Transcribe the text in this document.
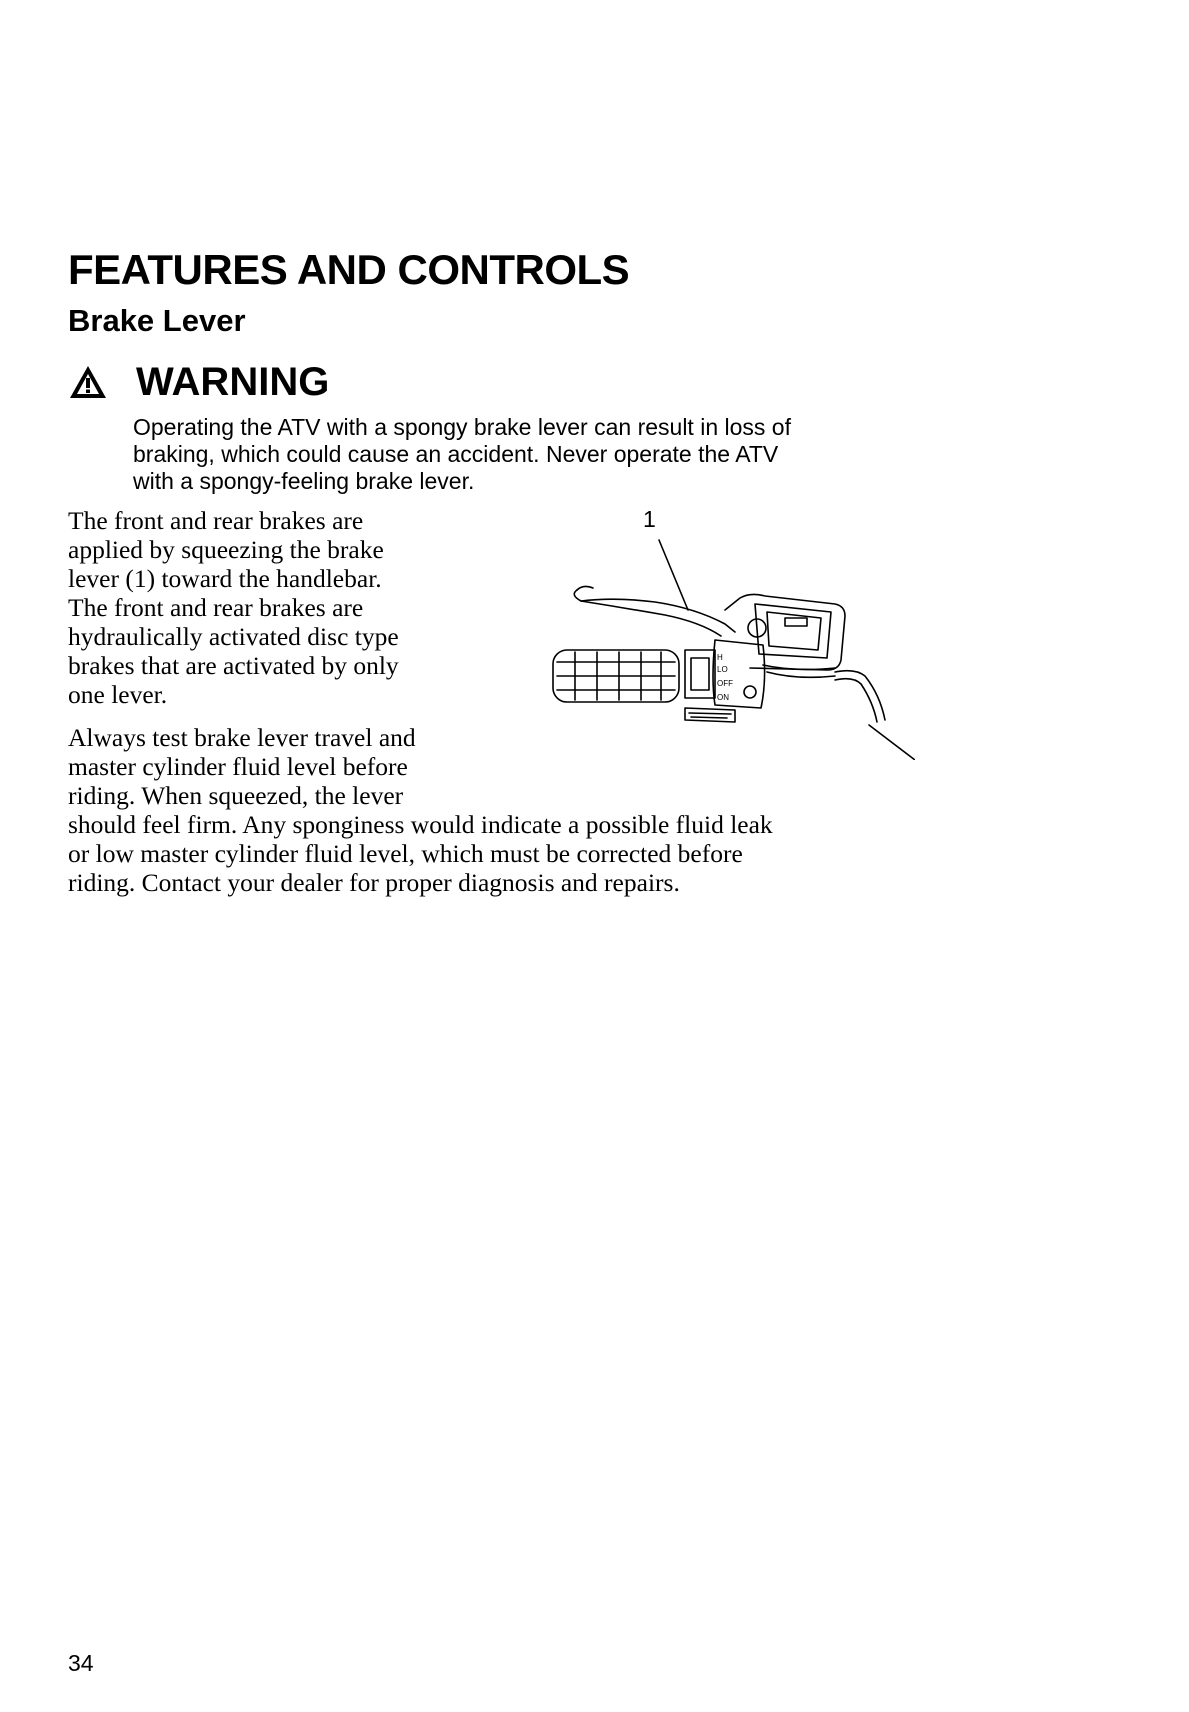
FEATURES AND CONTROLS
Brake Lever
WARNING

Operating the ATV with a spongy brake lever can result in loss of
braking, which could cause an accident. Never operate the ATV
with a spongy-feeling brake lever.

The front and rear brakes are
applied by squeezing the brake
lever (1) toward the handlebar.
The front and rear brakes are
hydraulically activated disc type
brakes that are activated by only
one lever.

Always test brake lever travel and
master cylinder fluid level before
riding. When squeezed, the lever
should feel firm. Any sponginess would indicate a possible fluid leak
or low master cylinder fluid level, which must be corrected before
riding. Contact your dealer for proper diagnosis and repairs.

1
H
LO
OFF
ON
34
